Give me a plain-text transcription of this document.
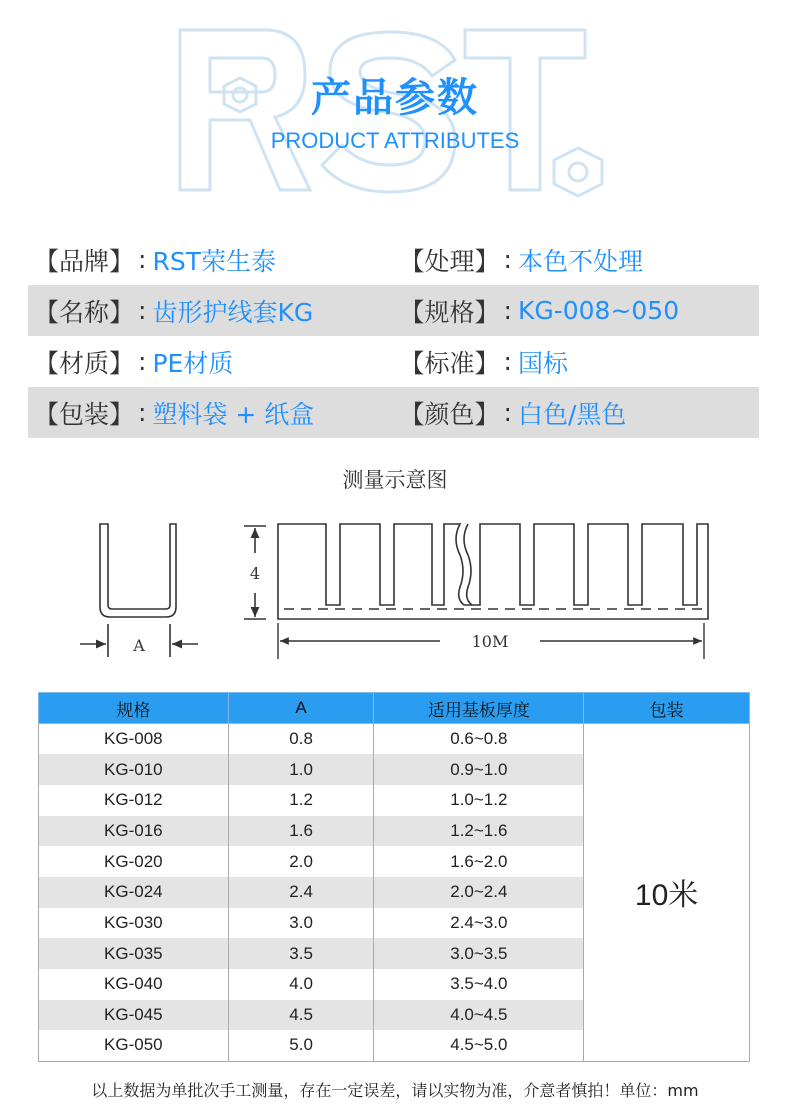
产品参数
PRODUCT ATTRIBUTES
【品牌】 : RST荣生泰	【处理】 : 本色不处理
【名称】 : 齿形护线套KG	【规格】 : KG-008~050
【材质】 : PE材质	【标准】 : 国标
【包装】 : 塑料袋 + 纸盒	【颜色】 : 白色/黑色
测量示意图
A
4
10M
规格	A	适用基板厚度	包装
KG-008	0.8	0.6~0.8	10米
KG-010	1.0	0.9~1.0	
KG-012	1.2	1.0~1.2	
KG-016	1.6	1.2~1.6	
KG-020	2.0	1.6~2.0	
KG-024	2.4	2.0~2.4	
KG-030	3.0	2.4~3.0	
KG-035	3.5	3.0~3.5	
KG-040	4.0	3.5~4.0	
KG-045	4.5	4.0~4.5	
KG-050	5.0	4.5~5.0	
以上数据为单批次手工测量，存在一定误差，请以实物为准，介意者慎拍！单位：mm
